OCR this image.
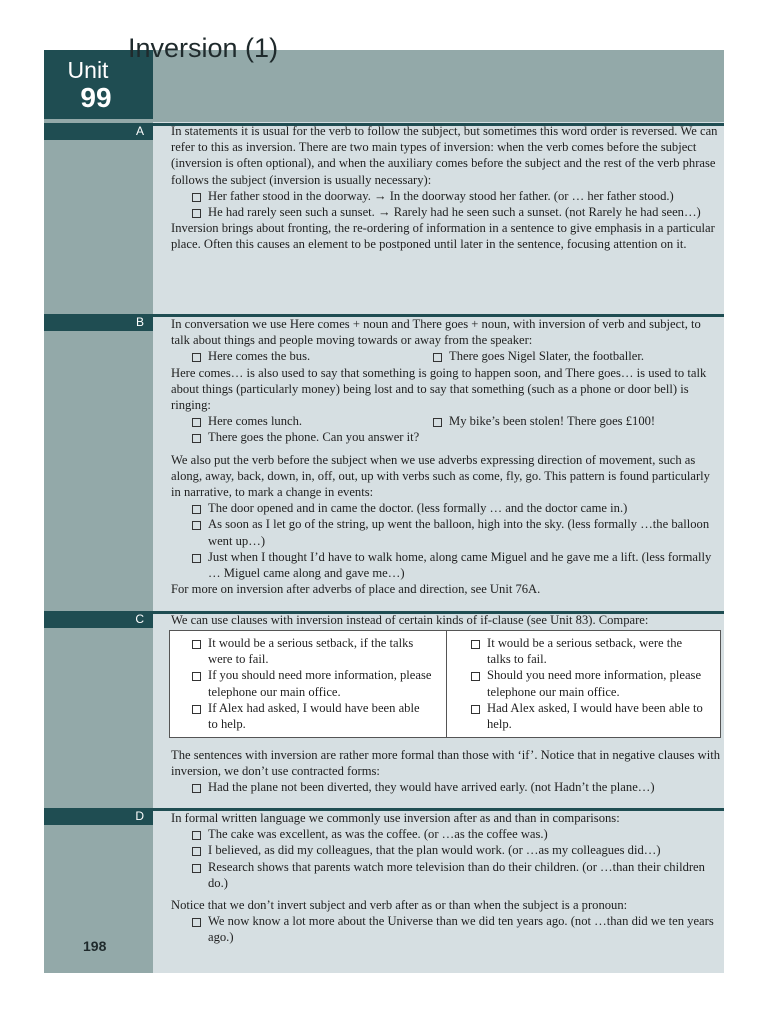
Unit
99
A
B
C
D
198
Inversion (1)

In statements it is usual for the verb to follow the subject, but sometimes this word order is reversed. We can refer to this as inversion. There are two main types of inversion: when the verb comes before the subject (inversion is often optional), and when the auxiliary comes before the subject and the rest of the verb phrase follows the subject (inversion is usually necessary):

Her father stood in the doorway. → In the doorway stood her father. (or … her father stood.)
He had rarely seen such a sunset. → Rarely had he seen such a sunset. (not Rarely he had seen…)

Inversion brings about fronting, the re-ordering of information in a sentence to give emphasis in a particular place. Often this causes an element to be postponed until later in the sentence, focusing attention on it.

In conversation we use Here comes + noun and There goes + noun, with inversion of verb and subject, to talk about things and people moving towards or away from the speaker:

Here comes the bus.	There goes Nigel Slater, the footballer.

Here comes… is also used to say that something is going to happen soon, and There goes… is used to talk about things (particularly money) being lost and to say that something (such as a phone or door bell) is ringing:

Here comes lunch.	My bike’s been stolen! There goes £100!
There goes the phone. Can you answer it?

We also put the verb before the subject when we use adverbs expressing direction of movement, such as along, away, back, down, in, off, out, up with verbs such as come, fly, go. This pattern is found particularly in narrative, to mark a change in events:

The door opened and in came the doctor. (less formally … and the doctor came in.)
As soon as I let go of the string, up went the balloon, high into the sky. (less formally …the balloon went up…)
Just when I thought I’d have to walk home, along came Miguel and he gave me a lift. (less formally … Miguel came along and gave me…)

For more on inversion after adverbs of place and direction, see Unit 76A.

We can use clauses with inversion instead of certain kinds of if-clause (see Unit 83). Compare:

It would be a serious setback, if the talks were to fail.
If you should need more information, please telephone our main office.
If Alex had asked, I would have been able to help.
It would be a serious setback, were the talks to fail.
Should you need more information, please telephone our main office.
Had Alex asked, I would have been able to help.

The sentences with inversion are rather more formal than those with ‘if’. Notice that in negative clauses with inversion, we don’t use contracted forms:

Had the plane not been diverted, they would have arrived early. (not Hadn’t the plane…)

In formal written language we commonly use inversion after as and than in comparisons:

The cake was excellent, as was the coffee. (or …as the coffee was.)
I believed, as did my colleagues, that the plan would work. (or …as my colleagues did…)
Research shows that parents watch more television than do their children. (or …than their children do.)

Notice that we don’t invert subject and verb after as or than when the subject is a pronoun:

We now know a lot more about the Universe than we did ten years ago. (not …than did we ten years ago.)
